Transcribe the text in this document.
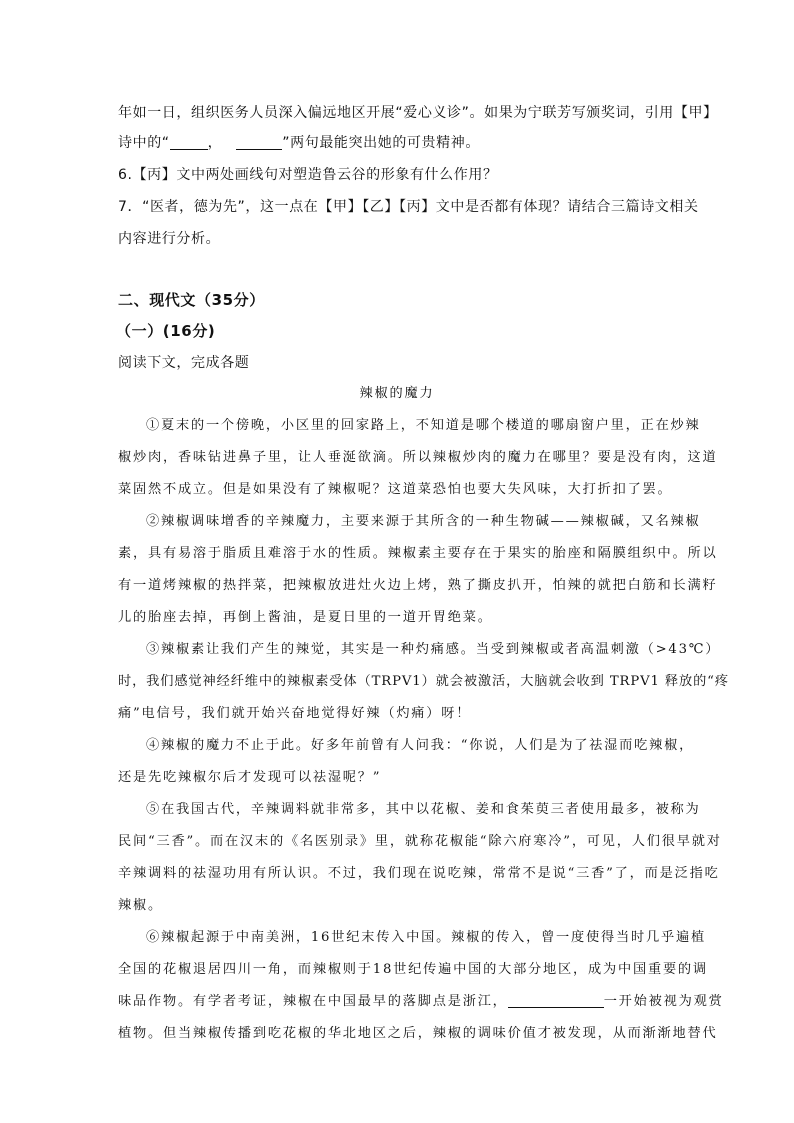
年如一日，组织医务人员深入偏远地区开展“爱心义诊”。如果为宁联芳写颁奖词，引用【甲】
诗中的“	，	”两句最能突出她的可贵精神。
6.【丙】文中两处画线句对塑造鲁云谷的形象有什么作用？
7．“医者，德为先”，这一点在【甲】【乙】【丙】文中是否都有体现？请结合三篇诗文相关
内容进行分析。
二、现代文（35分）
（一）(16分)
阅读下文，完成各题
辣椒的魔力
①夏末的一个傍晚，小区里的回家路上，不知道是哪个楼道的哪扇窗户里，正在炒辣
椒炒肉，香味钻进鼻子里，让人垂涎欲滴。所以辣椒炒肉的魔力在哪里？要是没有肉，这道
菜固然不成立。但是如果没有了辣椒呢？这道菜恐怕也要大失风味，大打折扣了罢。
②辣椒调味增香的辛辣魔力，主要来源于其所含的一种生物碱——辣椒碱，又名辣椒
素，具有易溶于脂质且难溶于水的性质。辣椒素主要存在于果实的胎座和隔膜组织中。所以
有一道烤辣椒的热拌菜，把辣椒放进灶火边上烤，熟了撕皮扒开，怕辣的就把白筋和长满籽
儿的胎座去掉，再倒上酱油，是夏日里的一道开胃绝菜。
③辣椒素让我们产生的辣觉，其实是一种灼痛感。当受到辣椒或者高温刺激（>43℃）
时，我们感觉神经纤维中的辣椒素受体（TRPV1）就会被激活，大脑就会收到 TRPV1 释放的“疼
痛”电信号，我们就开始兴奋地觉得好辣（灼痛）呀！
④辣椒的魔力不止于此。好多年前曾有人问我：“你说，人们是为了祛湿而吃辣椒，
还是先吃辣椒尔后才发现可以祛湿呢？”
⑤在我国古代，辛辣调料就非常多，其中以花椒、姜和食茱萸三者使用最多，被称为
民间“三香”。而在汉末的《名医别录》里，就称花椒能“除六府寒冷”，可见，人们很早就对
辛辣调料的祛湿功用有所认识。不过，我们现在说吃辣，常常不是说“三香”了，而是泛指吃
辣椒。
⑥辣椒起源于中南美洲，16世纪末传入中国。辣椒的传入，曾一度使得当时几乎遍植
全国的花椒退居四川一角，而辣椒则于18世纪传遍中国的大部分地区，成为中国重要的调
味品作物。有学者考证，辣椒在中国最早的落脚点是浙江，	一开始被视为观赏
植物。但当辣椒传播到吃花椒的华北地区之后，辣椒的调味价值才被发现，从而渐渐地替代
